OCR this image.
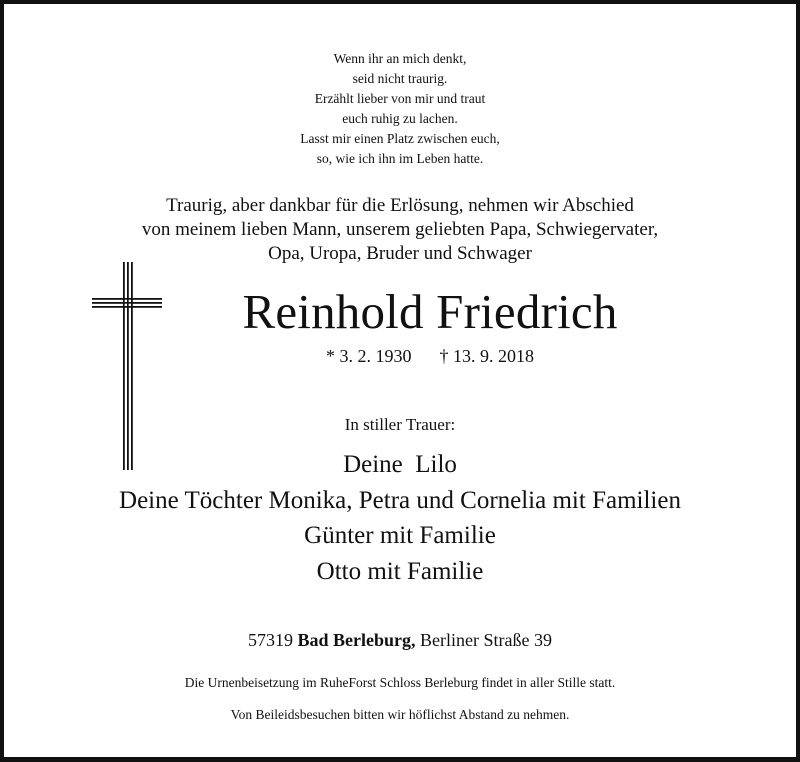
Wenn ihr an mich denkt,
seid nicht traurig.
Erzählt lieber von mir und traut
euch ruhig zu lachen.
Lasst mir einen Platz zwischen euch,
so, wie ich ihn im Leben hatte.
Traurig, aber dankbar für die Erlösung, nehmen wir Abschied
von meinem lieben Mann, unserem geliebten Papa, Schwiegervater,
Opa, Uropa, Bruder und Schwager
Reinhold Friedrich
* 3. 2. 1930 † 13. 9. 2018
In stiller Trauer:
Deine  Lilo
Deine Töchter Monika, Petra und Cornelia mit Familien
Günter mit Familie
Otto mit Familie
57319 Bad Berleburg, Berliner Straße 39
Die Urnenbeisetzung im RuheForst Schloss Berleburg findet in aller Stille statt.
Von Beileidsbesuchen bitten wir höflichst Abstand zu nehmen.
